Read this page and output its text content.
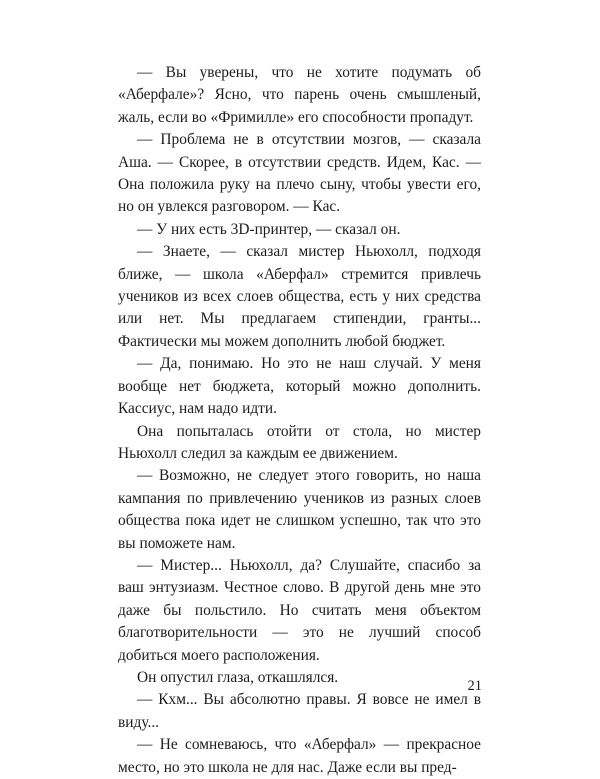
— Вы уверены, что не хотите подумать об «Аберфале»? Ясно, что парень очень смышленый, жаль, если во «Фримилле» его способности пропадут.

— Проблема не в отсутствии мозгов, — сказала Аша. — Скорее, в отсутствии средств. Идем, Кас. — Она положила руку на плечо сыну, чтобы увести его, но он увлекся разговором. — Кас.

— У них есть 3D-принтер, — сказал он.

— Знаете, — сказал мистер Ньюхолл, подходя ближе, — школа «Аберфал» стремится привлечь учеников из всех слоев общества, есть у них средства или нет. Мы предлагаем стипендии, гранты... Фактически мы можем дополнить любой бюджет.

— Да, понимаю. Но это не наш случай. У меня вообще нет бюджета, который можно дополнить. Кассиус, нам надо идти.

Она попыталась отойти от стола, но мистер Ньюхолл следил за каждым ее движением.

— Возможно, не следует этого говорить, но наша кампания по привлечению учеников из разных слоев общества пока идет не слишком успешно, так что это вы поможете нам.

— Мистер... Ньюхолл, да? Слушайте, спасибо за ваш энтузиазм. Честное слово. В другой день мне это даже бы польстило. Но считать меня объектом благотворительности — это не лучший способ добиться моего расположения.

Он опустил глаза, откашлялся.

— Кхм... Вы абсолютно правы. Я вовсе не имел в виду...

— Не сомневаюсь, что «Аберфал» — прекрасное место, но это школа не для нас. Даже если вы пред-

21
